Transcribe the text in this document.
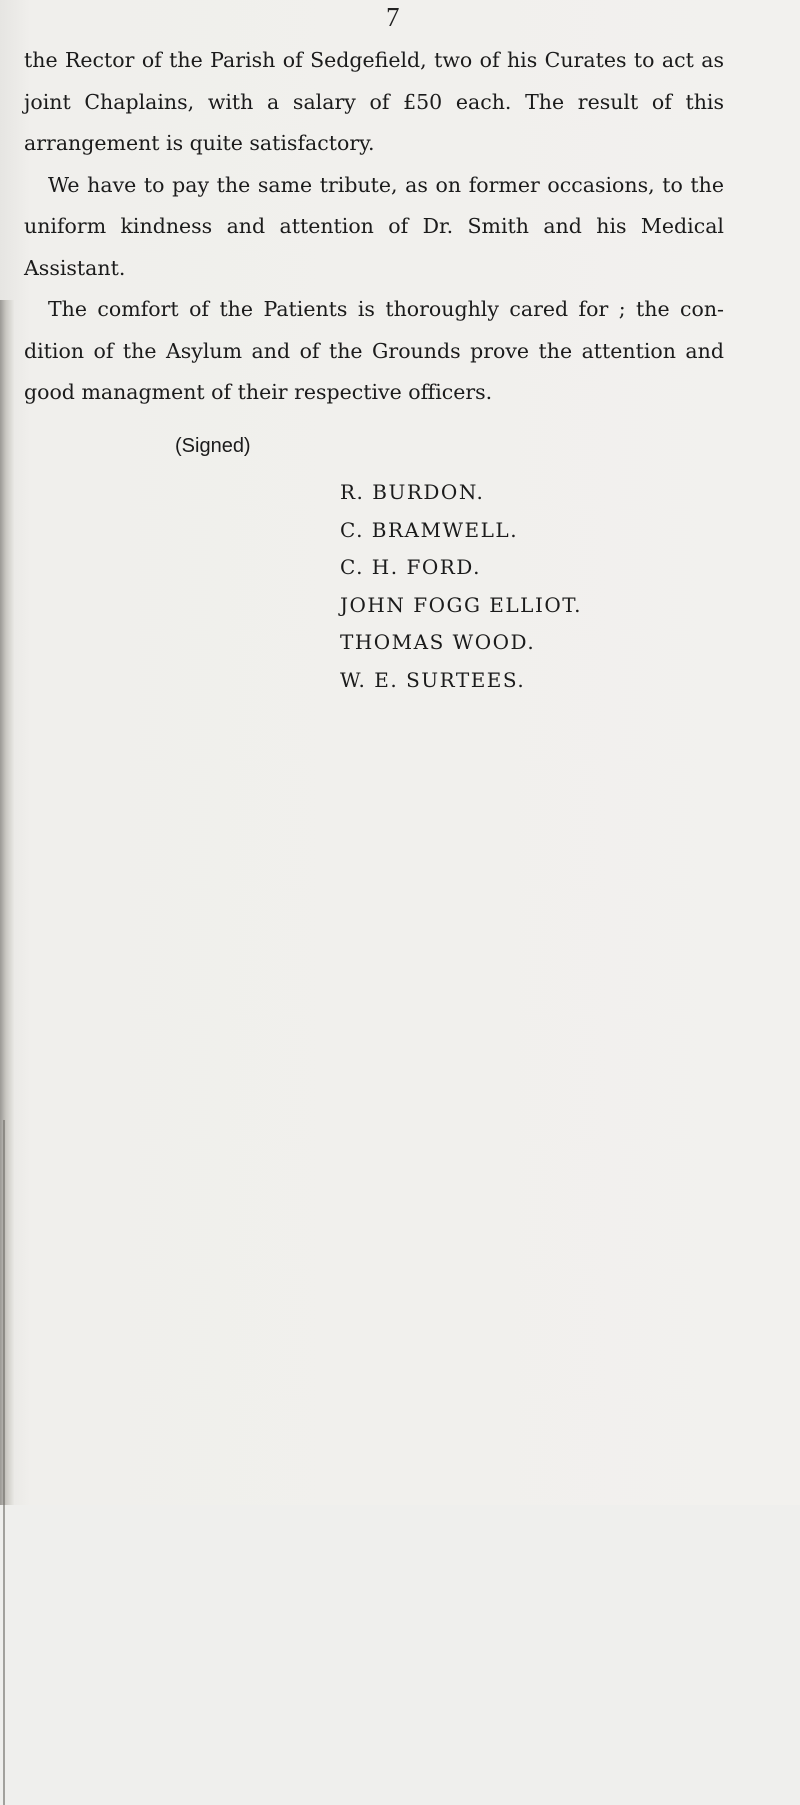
7
the Rector of the Parish of Sedgefield, two of his Curates to act as
joint Chaplains, with a salary of £50 each. The result of this
arrangement is quite satisfactory.
We have to pay the same tribute, as on former occasions, to the
uniform kindness and attention of Dr. Smith and his Medical
Assistant.
The comfort of the Patients is thoroughly cared for ; the con-
dition of the Asylum and of the Grounds prove the attention and
good managment of their respective officers.
(Signed)
R. BURDON.
C. BRAMWELL.
C. H. FORD.
JOHN FOGG ELLIOT.
THOMAS WOOD.
W. E. SURTEES.
